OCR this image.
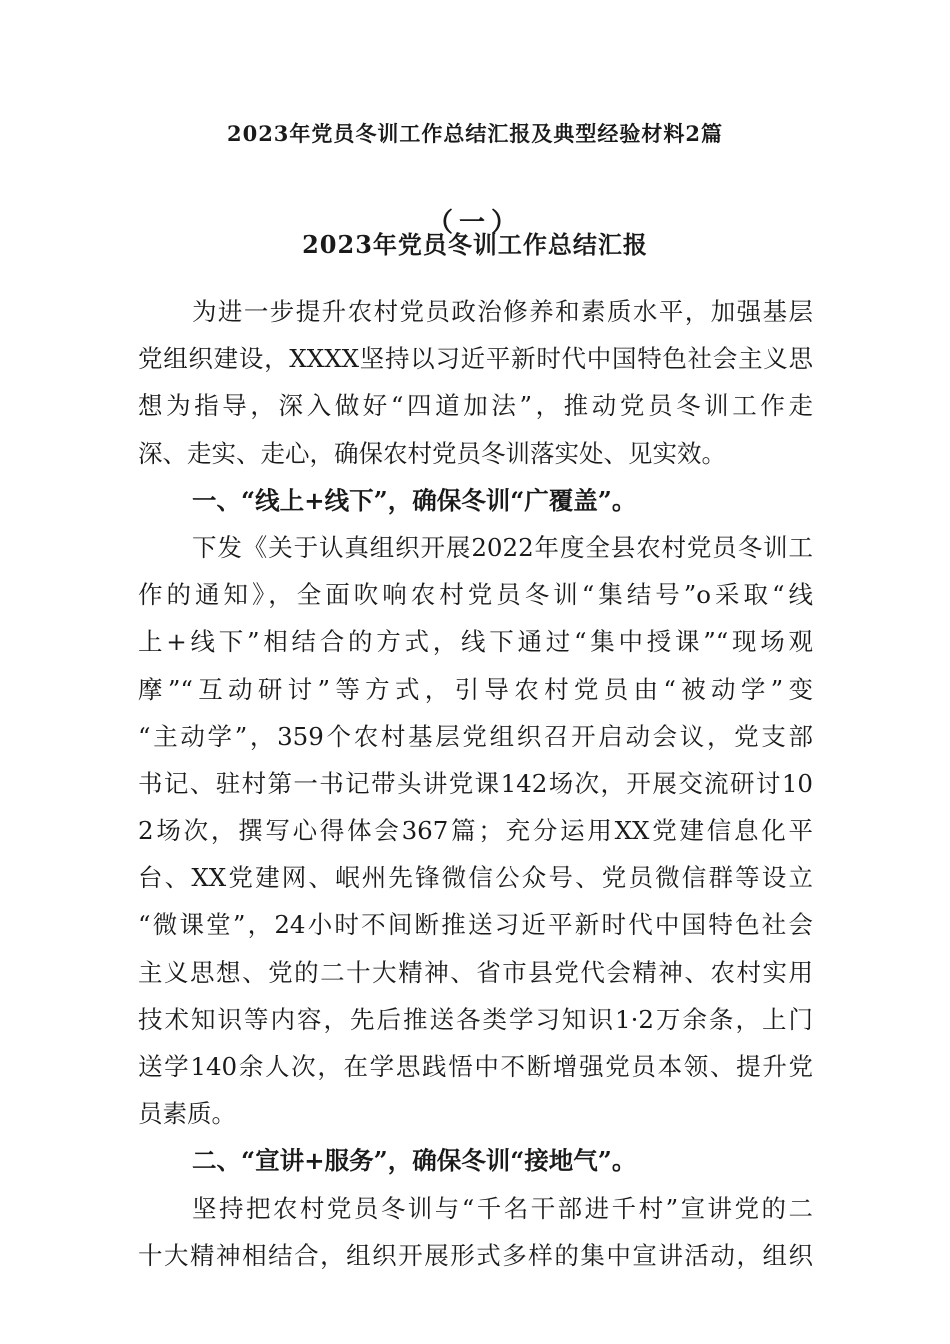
2023年党员冬训工作总结汇报及典型经验材料2篇
（一）
2023年党员冬训工作总结汇报
为进一步提升农村党员政治修养和素质水平，加强基层
党组织建设，XXXX坚持以习近平新时代中国特色社会主义思
想为指导，深入做好“四道加法”，推动党员冬训工作走
深、走实、走心，确保农村党员冬训落实处、见实效。
一、“线上+线下”，确保冬训“广覆盖”。
下发《关于认真组织开展2022年度全县农村党员冬训工
作的通知》，全面吹响农村党员冬训“集结号”o采取“线
上+线下”相结合的方式，线下通过“集中授课”“现场观
摩”“互动研讨”等方式，引导农村党员由“被动学”变
“主动学”，359个农村基层党组织召开启动会议，党支部
书记、驻村第一书记带头讲党课142场次，开展交流研讨10
2场次，撰写心得体会367篇；充分运用XX党建信息化平
台、XX党建网、岷州先锋微信公众号、党员微信群等设立
“微课堂”，24小时不间断推送习近平新时代中国特色社会
主义思想、党的二十大精神、省市县党代会精神、农村实用
技术知识等内容，先后推送各类学习知识1·2万余条，上门
送学140余人次，在学思践悟中不断增强党员本领、提升党
员素质。
二、“宣讲+服务”，确保冬训“接地气”。
坚持把农村党员冬训与“千名干部进千村”宣讲党的二
十大精神相结合，组织开展形式多样的集中宣讲活动，组织
